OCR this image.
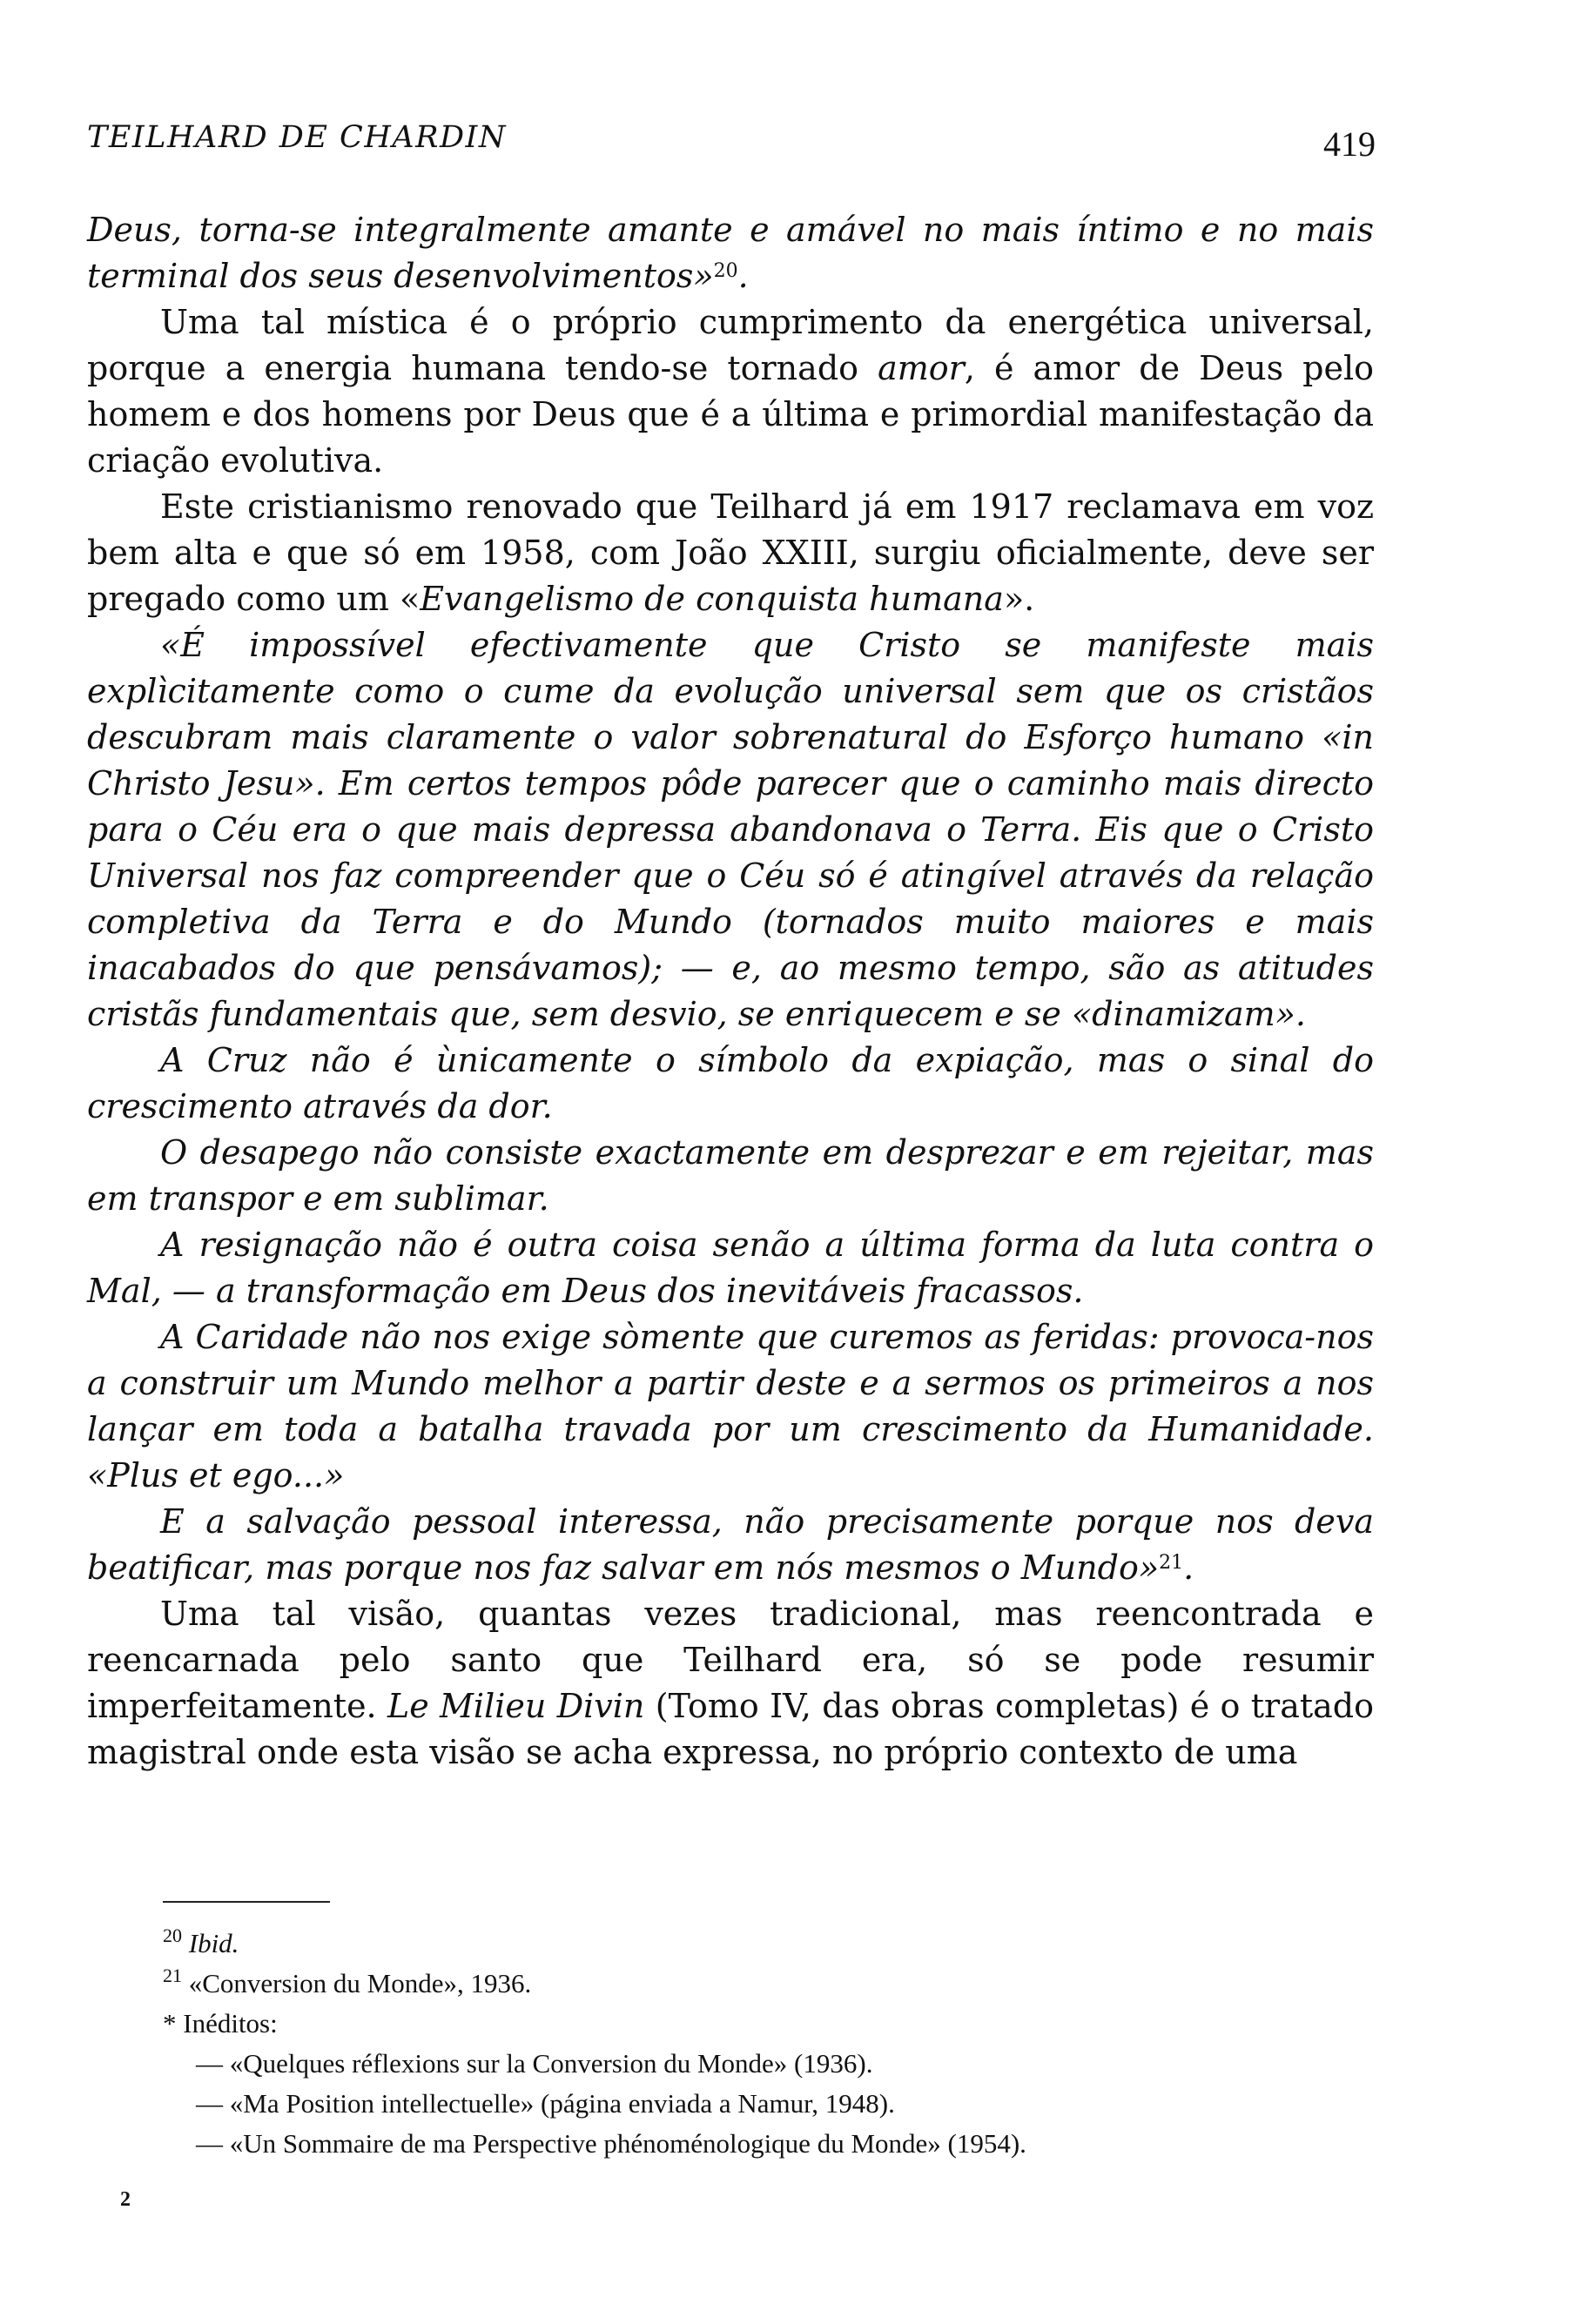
TEILHARD DE CHARDIN	419

Deus, torna-se integralmente amante e amável no mais íntimo e no mais terminal dos seus desenvolvimentos»$^{20}$.

Uma tal mística é o próprio cumprimento da energética universal, porque a energia humana tendo-se tornado amor, é amor de Deus pelo homem e dos homens por Deus que é a última e primordial manifestação da criação evolutiva.

Este cristianismo renovado que Teilhard já em 1917 reclamava em voz bem alta e que só em 1958, com João XXIII, surgiu oficialmente, deve ser pregado como um «Evangelismo de conquista humana».

«É impossível efectivamente que Cristo se manifeste mais explìcitamente como o cume da evolução universal sem que os cristãos descubram mais claramente o valor sobrenatural do Esforço humano «in Christo Jesu». Em certos tempos pôde parecer que o caminho mais directo para o Céu era o que mais depressa abandonava o Terra. Eis que o Cristo Universal nos faz compreender que o Céu só é atingível através da relação completiva da Terra e do Mundo (tornados muito maiores e mais inacabados do que pensávamos); — e, ao mesmo tempo, são as atitudes cristãs fundamentais que, sem desvio, se enriquecem e se «dinamizam».

A Cruz não é ùnicamente o símbolo da expiação, mas o sinal do crescimento através da dor.

O desapego não consiste exactamente em desprezar e em rejeitar, mas em transpor e em sublimar.

A resignação não é outra coisa senão a última forma da luta contra o Mal, — a transformação em Deus dos inevitáveis fracassos.

A Caridade não nos exige sòmente que curemos as feridas: provoca-nos a construir um Mundo melhor a partir deste e a sermos os primeiros a nos lançar em toda a batalha travada por um crescimento da Humanidade. «Plus et ego...»

E a salvação pessoal interessa, não precisamente porque nos deva beatificar, mas porque nos faz salvar em nós mesmos o Mundo»$^{21}$.

Uma tal visão, quantas vezes tradicional, mas reencontrada e reencarnada pelo santo que Teilhard era, só se pode resumir imperfeitamente. Le Milieu Divin (Tomo IV, das obras completas) é o tratado magistral onde esta visão se acha expressa, no próprio contexto de uma

$^{20}$ Ibid.
$^{21}$ «Conversion du Monde», 1936.
* Inéditos:
— «Quelques réflexions sur la Conversion du Monde» (1936).
— «Ma Position intellectuelle» (página enviada a Namur, 1948).
— «Un Sommaire de ma Perspective phénoménologique du Monde» (1954).
2
